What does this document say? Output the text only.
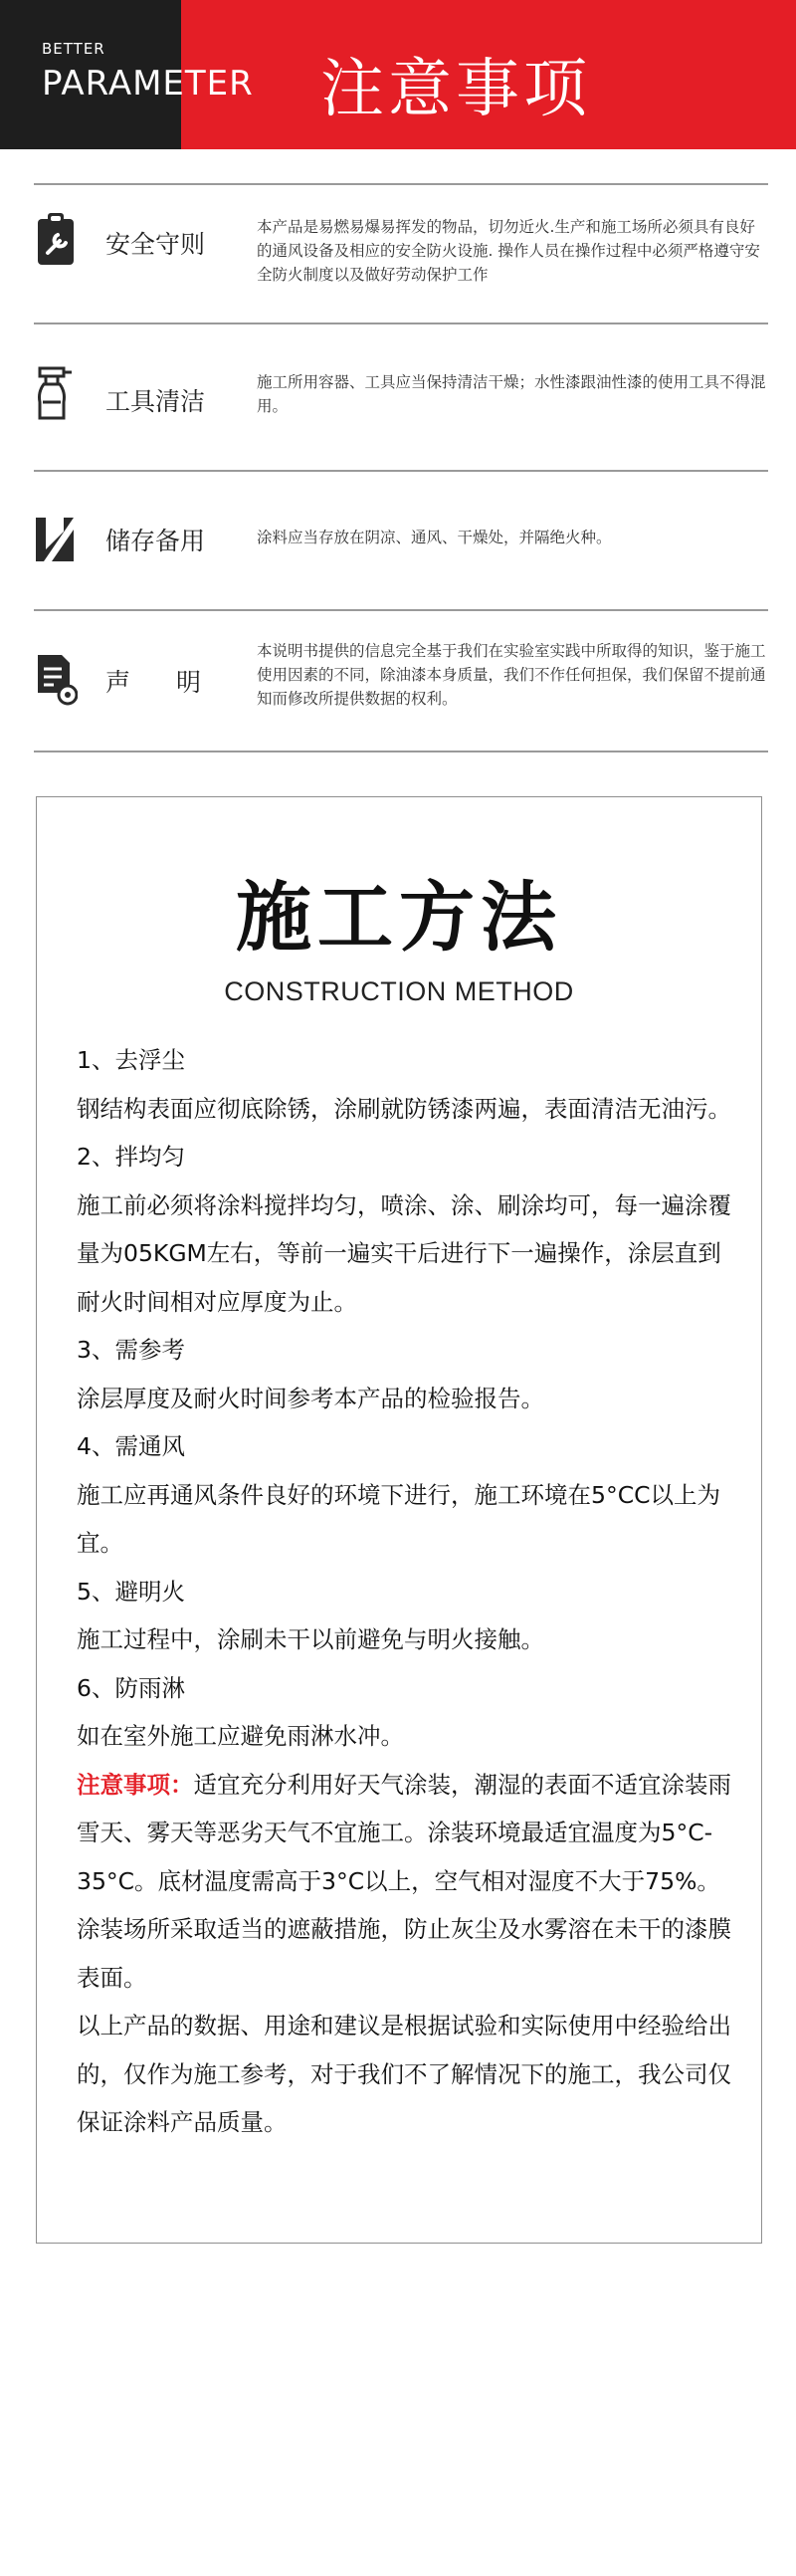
BETTER
PARAMETER 注意事项
安全守则
本产品是易燃易爆易挥发的物品，切勿近火.生产和施工场所必须具有良好的通风设备及相应的安全防火设施. 操作人员在操作过程中必须严格遵守安全防火制度以及做好劳动保护工作
工具清洁
施工所用容器、工具应当保持清洁干燥；水性漆跟油性漆的使用工具不得混用。
储存备用	涂料应当存放在阴凉、通风、干燥处，并隔绝火种。
声明
本说明书提供的信息完全基于我们在实验室实践中所取得的知识，鉴于施工使用因素的不同，除油漆本身质量，我们不作任何担保，我们保留不提前通知而修改所提供数据的权利。
施工方法
CONSTRUCTION METHOD

1、去浮尘

钢结构表面应彻底除锈，涂刷就防锈漆两遍，表面清洁无油污。

2、拌均匀

施工前必须将涂料搅拌均匀，喷涂、涂、刷涂均可，每一遍涂覆量为05KGM左右，等前一遍实干后进行下一遍操作，涂层直到耐火时间相对应厚度为止。

3、需参考

涂层厚度及耐火时间参考本产品的检验报告。

4、需通风

施工应再通风条件良好的环境下进行，施工环境在5°CC以上为宜。

5、避明火

施工过程中，涂刷未干以前避免与明火接触。

6、防雨淋

如在室外施工应避免雨淋水冲。

注意事项：适宜充分利用好天气涂装，潮湿的表面不适宜涂装雨雪天、雾天等恶劣天气不宜施工。涂装环境最适宜温度为5°C-35°C。底材温度需高于3°C以上，空气相对湿度不大于75%。涂装场所采取适当的遮蔽措施，防止灰尘及水雾溶在未干的漆膜表面。

以上产品的数据、用途和建议是根据试验和实际使用中经验给出的，仅作为施工参考，对于我们不了解情况下的施工，我公司仅保证涂料产品质量。
